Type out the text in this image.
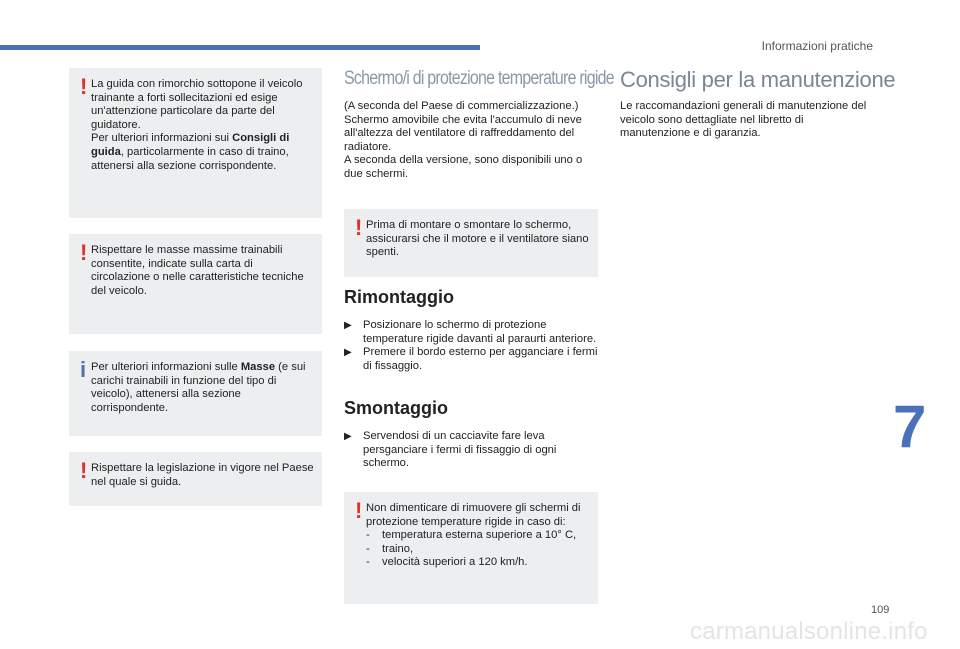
Informazioni pratiche
! La guida con rimorchio sottopone il veicolo trainante a forti sollecitazioni ed esige un'attenzione particolare da parte del guidatore.
Per ulteriori informazioni sui Consigli di guida, particolarmente in caso di traino, attenersi alla sezione corrispondente.
! Rispettare le masse massime trainabili consentite, indicate sulla carta di circolazione o nelle caratteristiche tecniche del veicolo.
i Per ulteriori informazioni sulle Masse (e sui carichi trainabili in funzione del tipo di veicolo), attenersi alla sezione corrispondente.
! Rispettare la legislazione in vigore nel Paese nel quale si guida.
Schermo/i di protezione temperature rigide
(A seconda del Paese di commercializzazione.)
Schermo amovibile che evita l'accumulo di neve all'altezza del ventilatore di raffreddamento del radiatore.
A seconda della versione, sono disponibili uno o due schermi.
! Prima di montare o smontare lo schermo, assicurarsi che il motore e il ventilatore siano spenti.
Rimontaggio
▶ Posizionare lo schermo di protezione temperature rigide davanti al paraurti anteriore.
▶ Premere il bordo esterno per agganciare i fermi di fissaggio.
Smontaggio
▶ Servendosi di un cacciavite fare leva persganciare i fermi di fissaggio di ogni schermo.
! Non dimenticare di rimuovere gli schermi di protezione temperature rigide in caso di:
- temperatura esterna superiore a 10° C,
- traino,
- velocità superiori a 120 km/h.
Consigli per la manutenzione
Le raccomandazioni generali di manutenzione del veicolo sono dettagliate nel libretto di manutenzione e di garanzia.
7
109
carmanualsonline.info
